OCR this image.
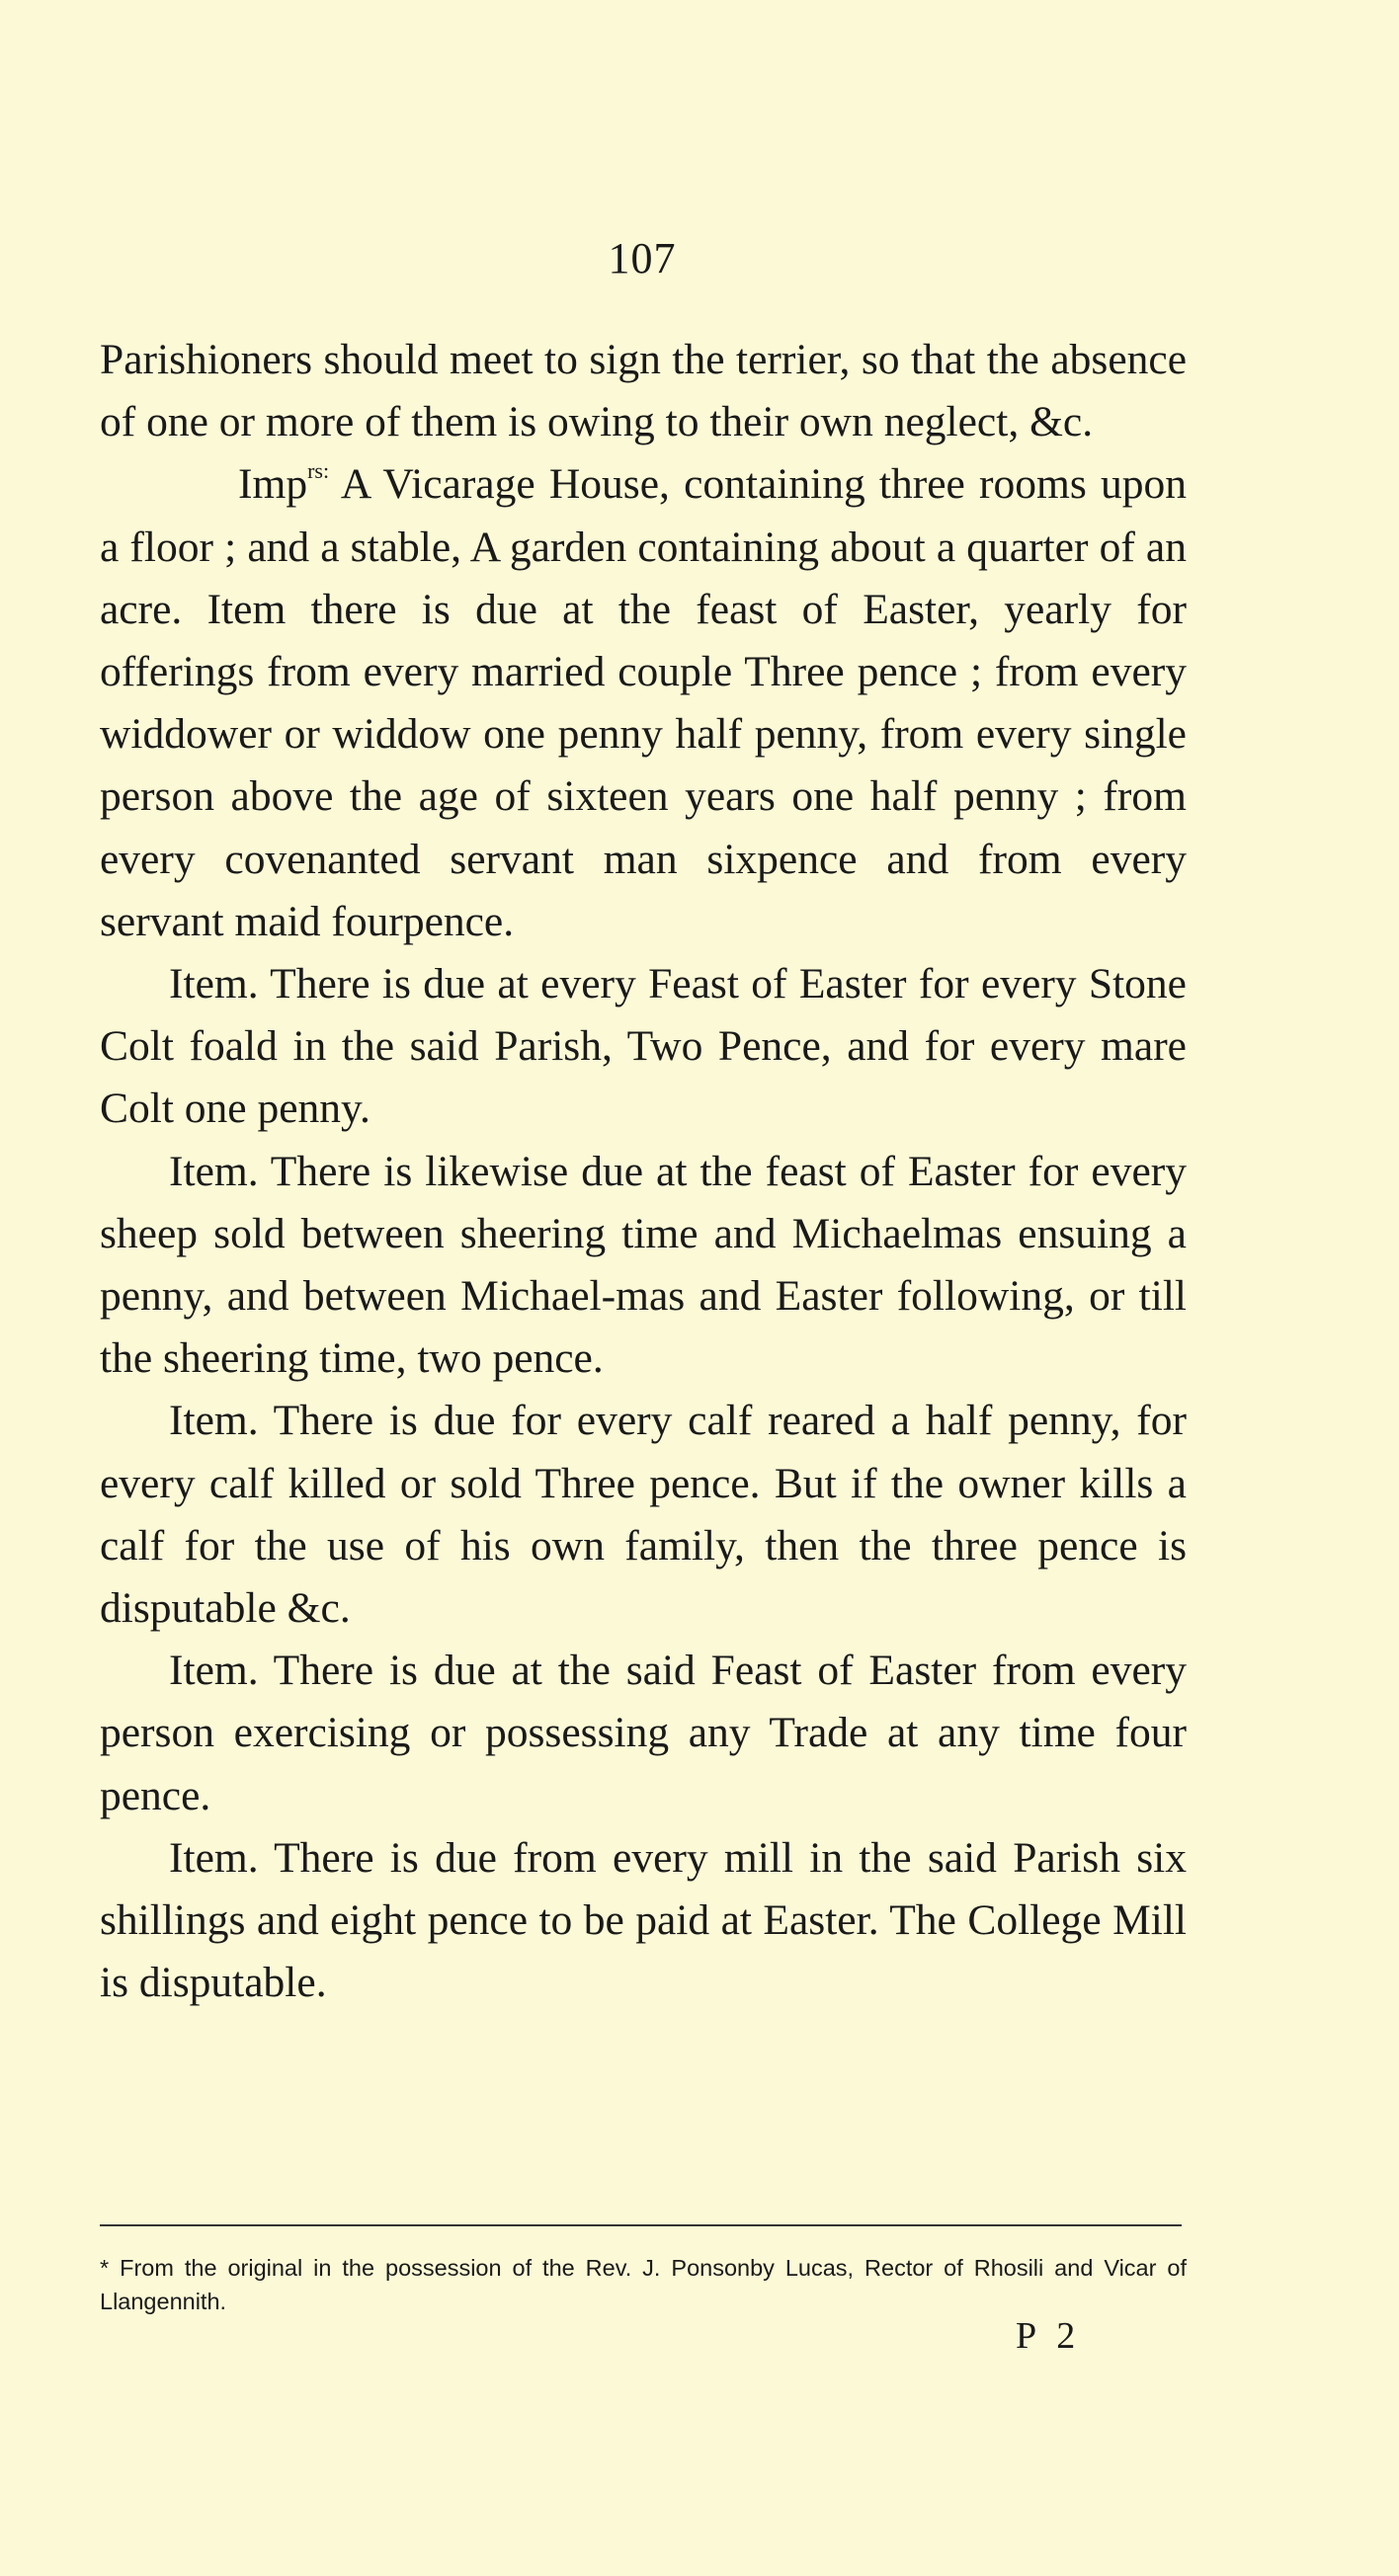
107

Parishioners should meet to sign the terrier, so that the absence of one or more of them is owing to their own neglect, &c.

Imp$^{rs:}$ A Vicarage House, containing three rooms upon a floor ; and a stable, A garden containing about a quarter of an acre. Item there is due at the feast of Easter, yearly for offerings from every married couple Three pence ; from every widdower or widdow one penny half penny, from every single person above the age of sixteen years one half penny ; from every covenanted servant man sixpence and from every servant maid fourpence.

Item. There is due at every Feast of Easter for every Stone Colt foald in the said Parish, Two Pence, and for every mare Colt one penny.

Item. There is likewise due at the feast of Easter for every sheep sold between sheering time and Michaelmas ensuing a penny, and between Michael-mas and Easter following, or till the sheering time, two pence.

Item. There is due for every calf reared a half penny, for every calf killed or sold Three pence. But if the owner kills a calf for the use of his own family, then the three pence is disputable &c.

Item. There is due at the said Feast of Easter from every person exercising or possessing any Trade at any time four pence.

Item. There is due from every mill in the said Parish six shillings and eight pence to be paid at Easter. The College Mill is disputable.

* From the original in the possession of the Rev. J. Ponsonby Lucas, Rector of Rhosili and Vicar of Llangennith.
P 2
